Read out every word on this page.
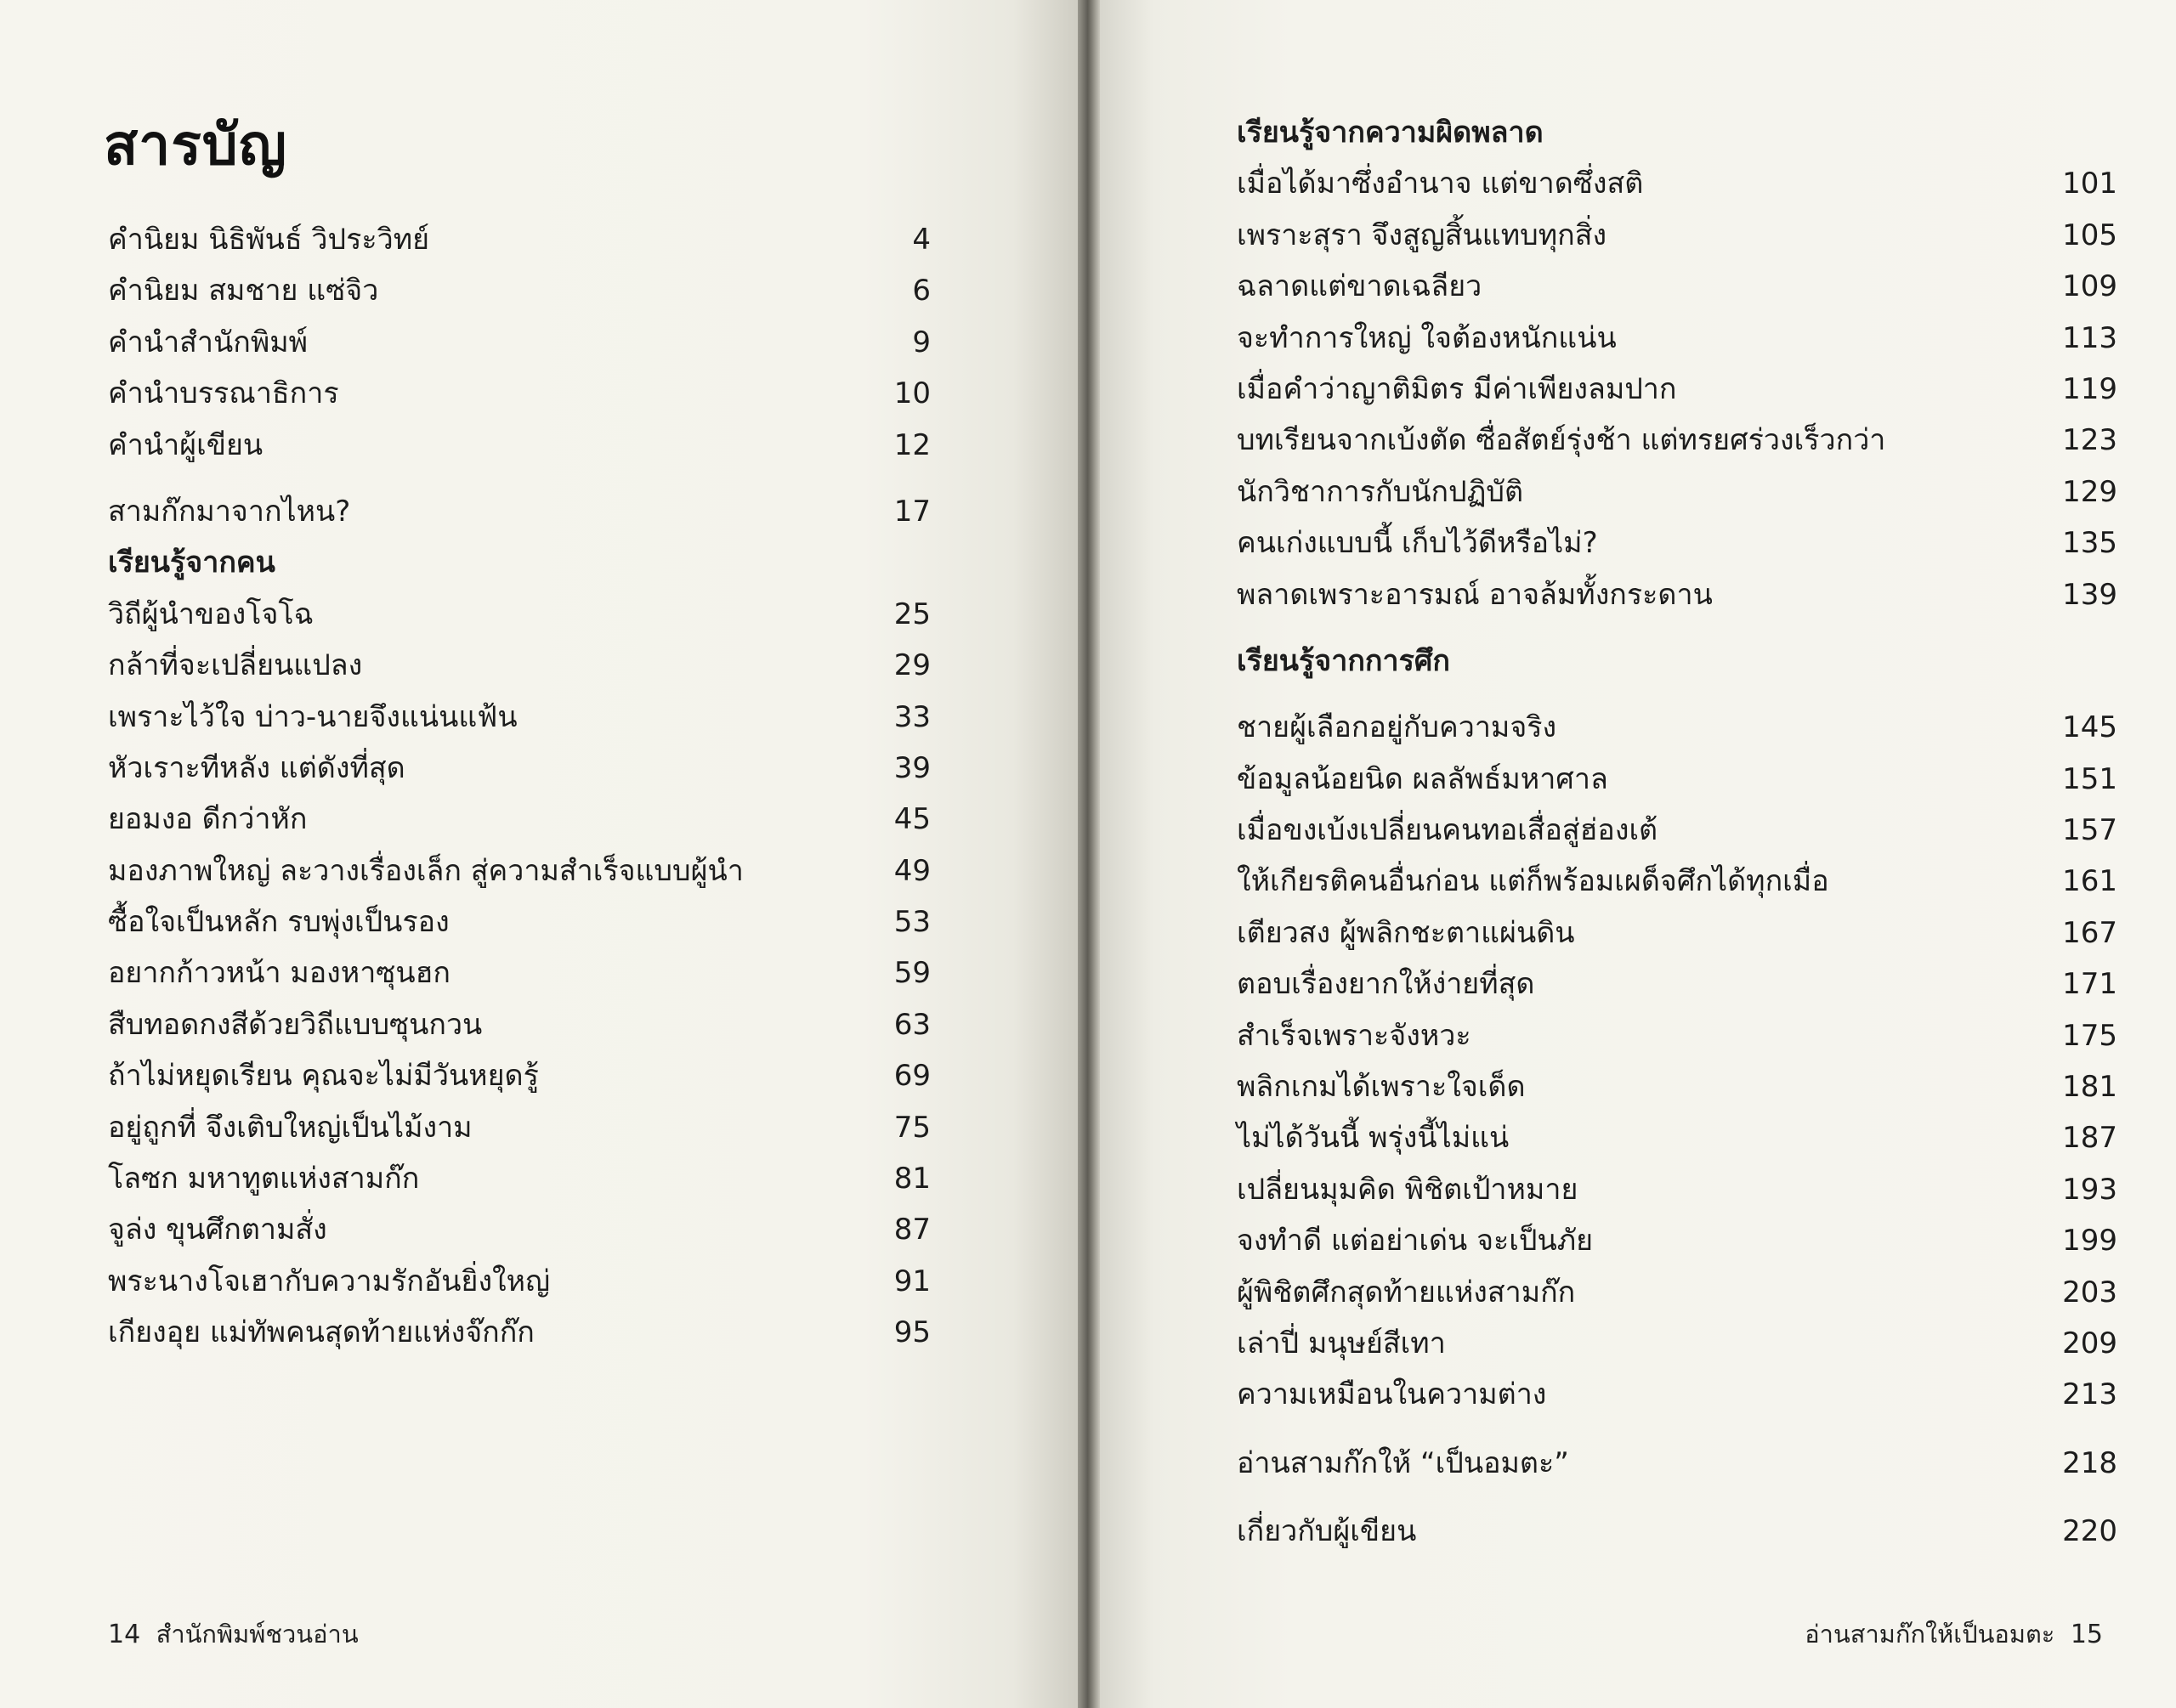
สารบัญ
คำนิยม นิธิพันธ์ วิประวิทย์	4
คำนิยม สมชาย แซ่จิว	6
คำนำสำนักพิมพ์	9
คำนำบรรณาธิการ	10
คำนำผู้เขียน	12
สามก๊กมาจากไหน?	17
เรียนรู้จากคน
วิถีผู้นำของโจโฉ	25
กล้าที่จะเปลี่ยนแปลง	29
เพราะไว้ใจ บ่าว-นายจึงแน่นแฟ้น	33
หัวเราะทีหลัง แต่ดังที่สุด	39
ยอมงอ ดีกว่าหัก	45
มองภาพใหญ่ ละวางเรื่องเล็ก สู่ความสำเร็จแบบผู้นำ	49
ซื้อใจเป็นหลัก รบพุ่งเป็นรอง	53
อยากก้าวหน้า มองหาซุนฮก	59
สืบทอดกงสีด้วยวิถีแบบซุนกวน	63
ถ้าไม่หยุดเรียน คุณจะไม่มีวันหยุดรู้	69
อยู่ถูกที่ จึงเติบใหญ่เป็นไม้งาม	75
โลซก มหาทูตแห่งสามก๊ก	81
จูล่ง ขุนศึกตามสั่ง	87
พระนางโจเฮากับความรักอันยิ่งใหญ่	91
เกียงอุย แม่ทัพคนสุดท้ายแห่งจ๊กก๊ก	95
14 สำนักพิมพ์ชวนอ่าน
เรียนรู้จากความผิดพลาด
เมื่อได้มาซึ่งอำนาจ แต่ขาดซึ่งสติ	101
เพราะสุรา จึงสูญสิ้นแทบทุกสิ่ง	105
ฉลาดแต่ขาดเฉลียว	109
จะทำการใหญ่ ใจต้องหนักแน่น	113
เมื่อคำว่าญาติมิตร มีค่าเพียงลมปาก	119
บทเรียนจากเบ้งตัด ซื่อสัตย์รุ่งช้า แต่ทรยศร่วงเร็วกว่า	123
นักวิชาการกับนักปฏิบัติ	129
คนเก่งแบบนี้ เก็บไว้ดีหรือไม่?	135
พลาดเพราะอารมณ์ อาจล้มทั้งกระดาน	139
เรียนรู้จากการศึก
ชายผู้เลือกอยู่กับความจริง	145
ข้อมูลน้อยนิด ผลลัพธ์มหาศาล	151
เมื่อขงเบ้งเปลี่ยนคนทอเสื่อสู่ฮ่องเต้	157
ให้เกียรติคนอื่นก่อน แต่ก็พร้อมเผด็จศึกได้ทุกเมื่อ	161
เตียวสง ผู้พลิกชะตาแผ่นดิน	167
ตอบเรื่องยากให้ง่ายที่สุด	171
สำเร็จเพราะจังหวะ	175
พลิกเกมได้เพราะใจเด็ด	181
ไม่ได้วันนี้ พรุ่งนี้ไม่แน่	187
เปลี่ยนมุมคิด พิชิตเป้าหมาย	193
จงทำดี แต่อย่าเด่น จะเป็นภัย	199
ผู้พิชิตศึกสุดท้ายแห่งสามก๊ก	203
เล่าปี่ มนุษย์สีเทา	209
ความเหมือนในความต่าง	213
อ่านสามก๊กให้ “เป็นอมตะ”	218
เกี่ยวกับผู้เขียน	220
อ่านสามก๊กให้เป็นอมตะ 15
